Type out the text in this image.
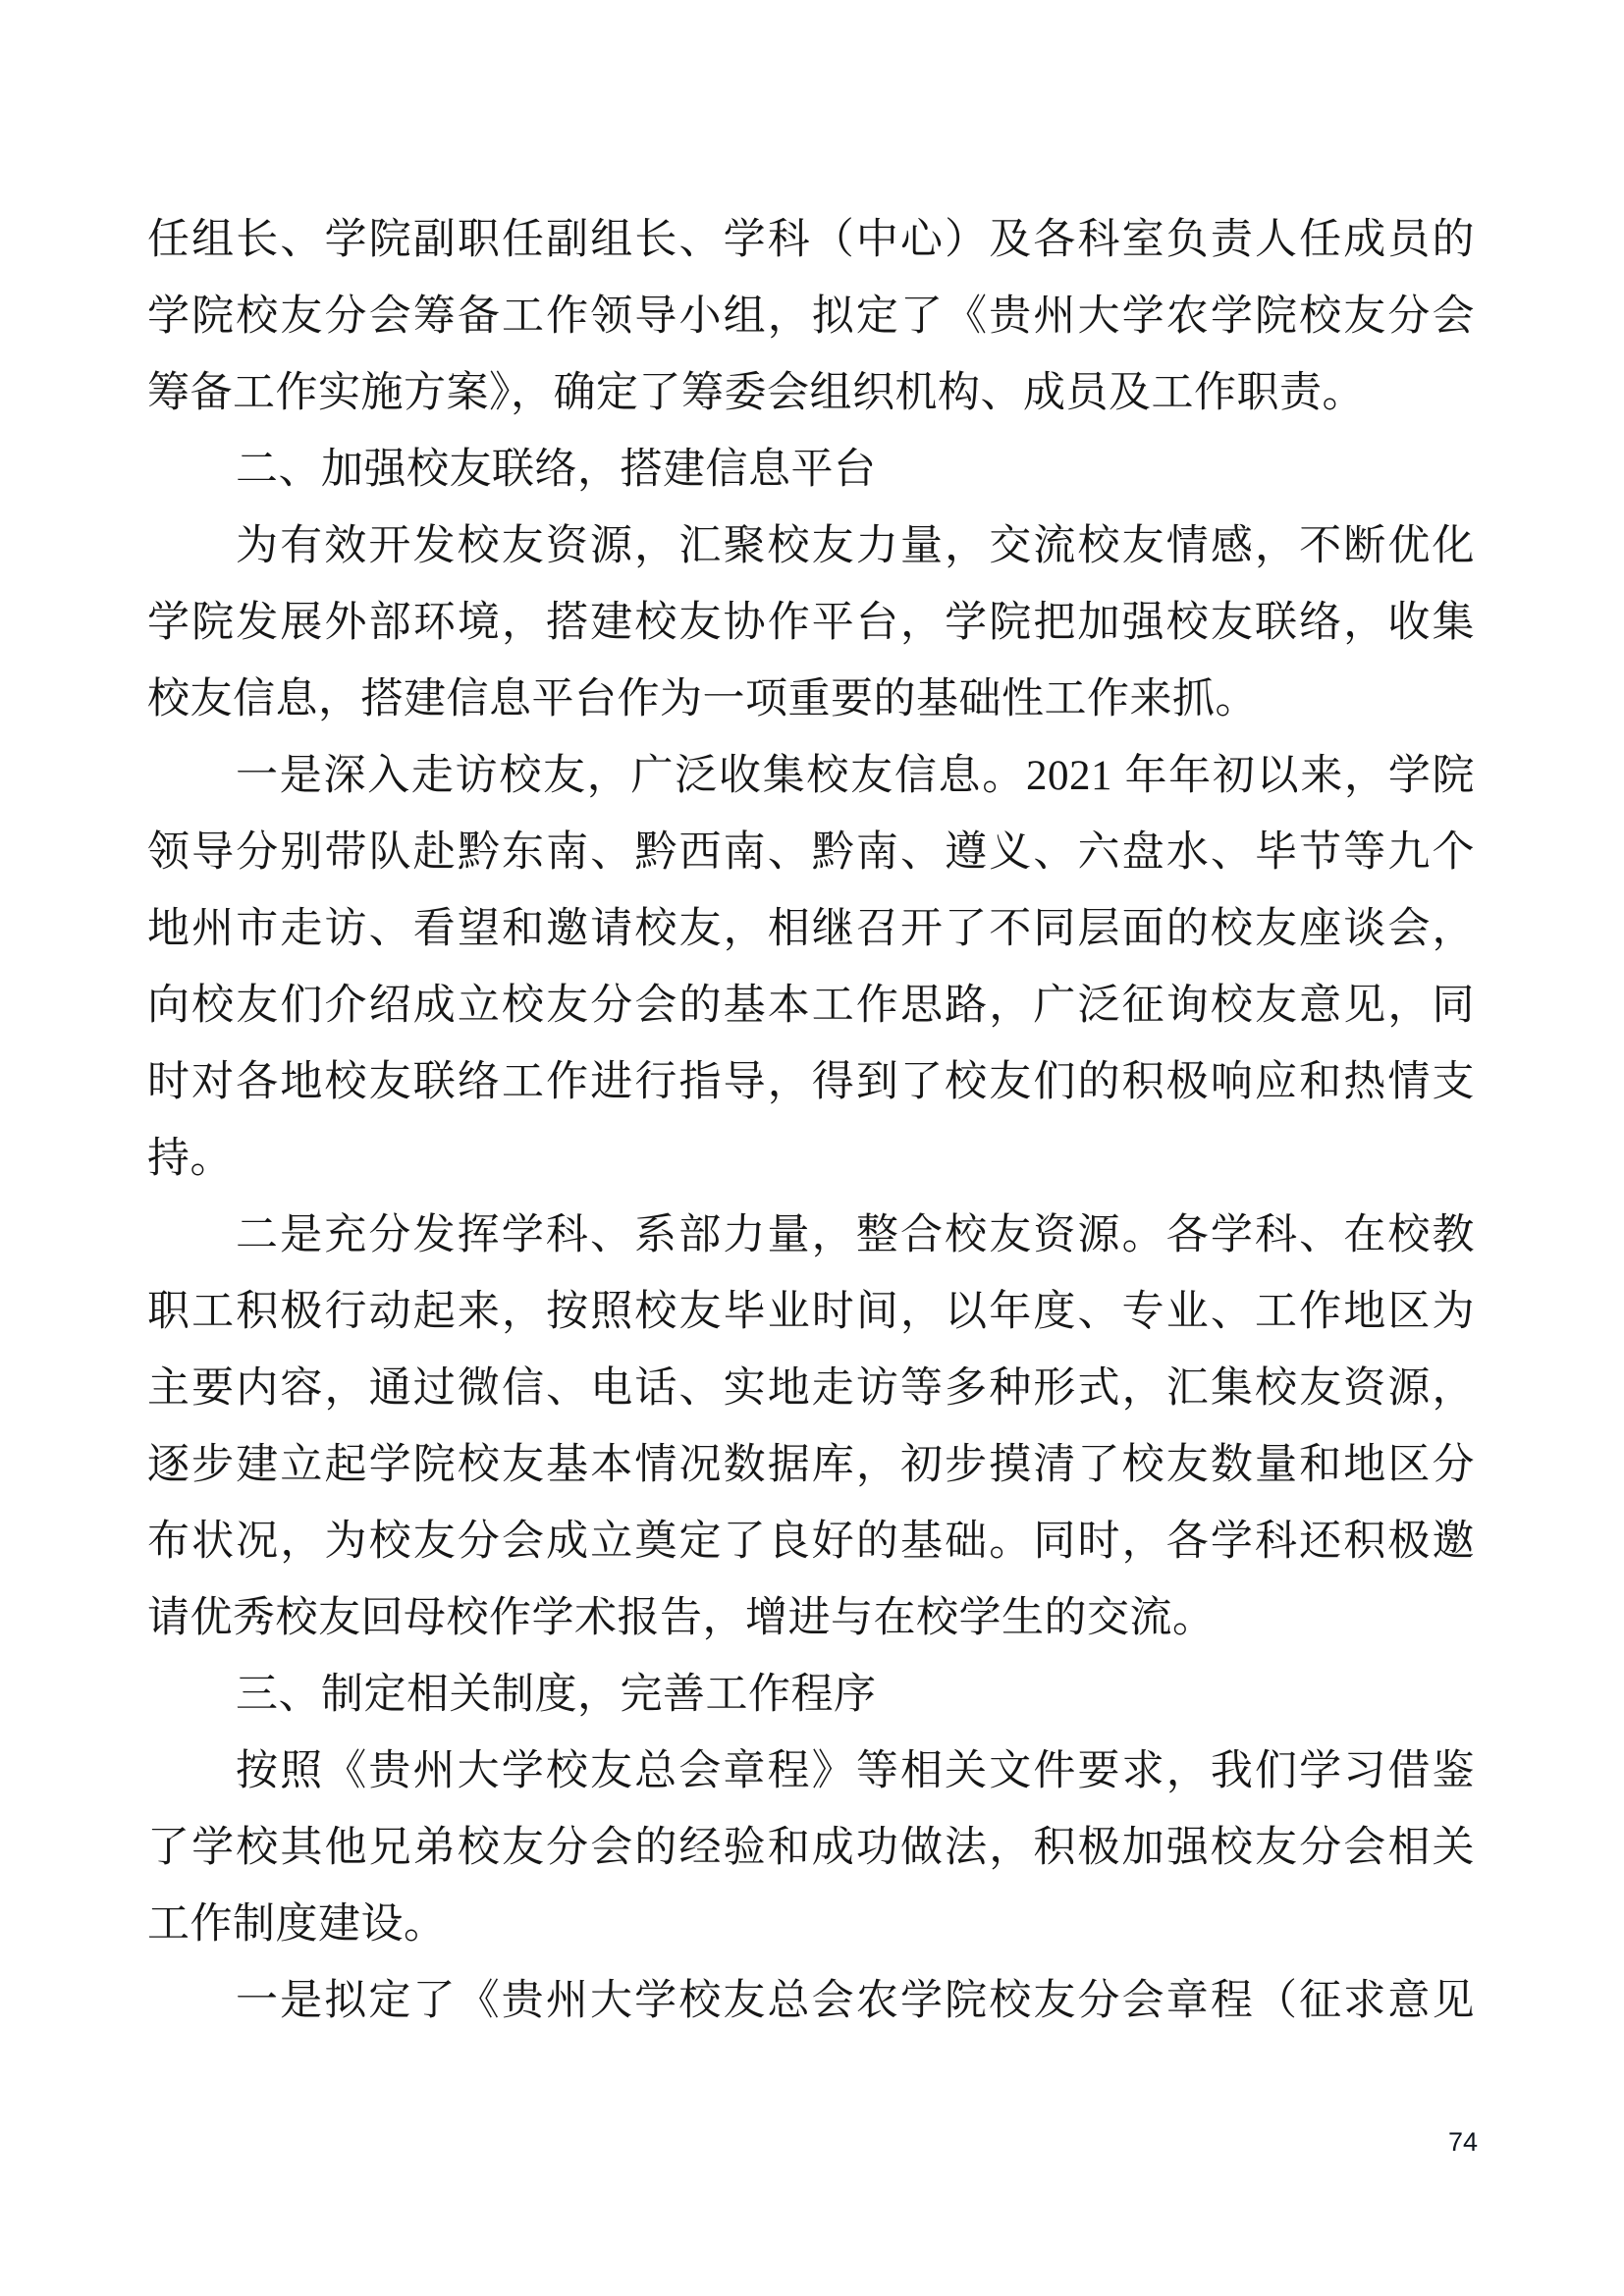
任组长、学院副职任副组长、学科（中心）及各科室负责人任成员的
学院校友分会筹备工作领导小组，拟定了《贵州大学农学院校友分会
筹备工作实施方案》，确定了筹委会组织机构、成员及工作职责。
二、加强校友联络，搭建信息平台
为有效开发校友资源，汇聚校友力量，交流校友情感，不断优化
学院发展外部环境，搭建校友协作平台，学院把加强校友联络，收集
校友信息，搭建信息平台作为一项重要的基础性工作来抓。
一是深入走访校友，广泛收集校友信息。2021 年年初以来，学院
领导分别带队赴黔东南、黔西南、黔南、遵义、六盘水、毕节等九个
地州市走访、看望和邀请校友，相继召开了不同层面的校友座谈会，
向校友们介绍成立校友分会的基本工作思路，广泛征询校友意见，同
时对各地校友联络工作进行指导，得到了校友们的积极响应和热情支
持。
二是充分发挥学科、系部力量，整合校友资源。各学科、在校教
职工积极行动起来，按照校友毕业时间，以年度、专业、工作地区为
主要内容，通过微信、电话、实地走访等多种形式，汇集校友资源，
逐步建立起学院校友基本情况数据库，初步摸清了校友数量和地区分
布状况，为校友分会成立奠定了良好的基础。同时，各学科还积极邀
请优秀校友回母校作学术报告，增进与在校学生的交流。
三、制定相关制度，完善工作程序
按照《贵州大学校友总会章程》等相关文件要求，我们学习借鉴
了学校其他兄弟校友分会的经验和成功做法，积极加强校友分会相关
工作制度建设。
一是拟定了《贵州大学校友总会农学院校友分会章程（征求意见
74
